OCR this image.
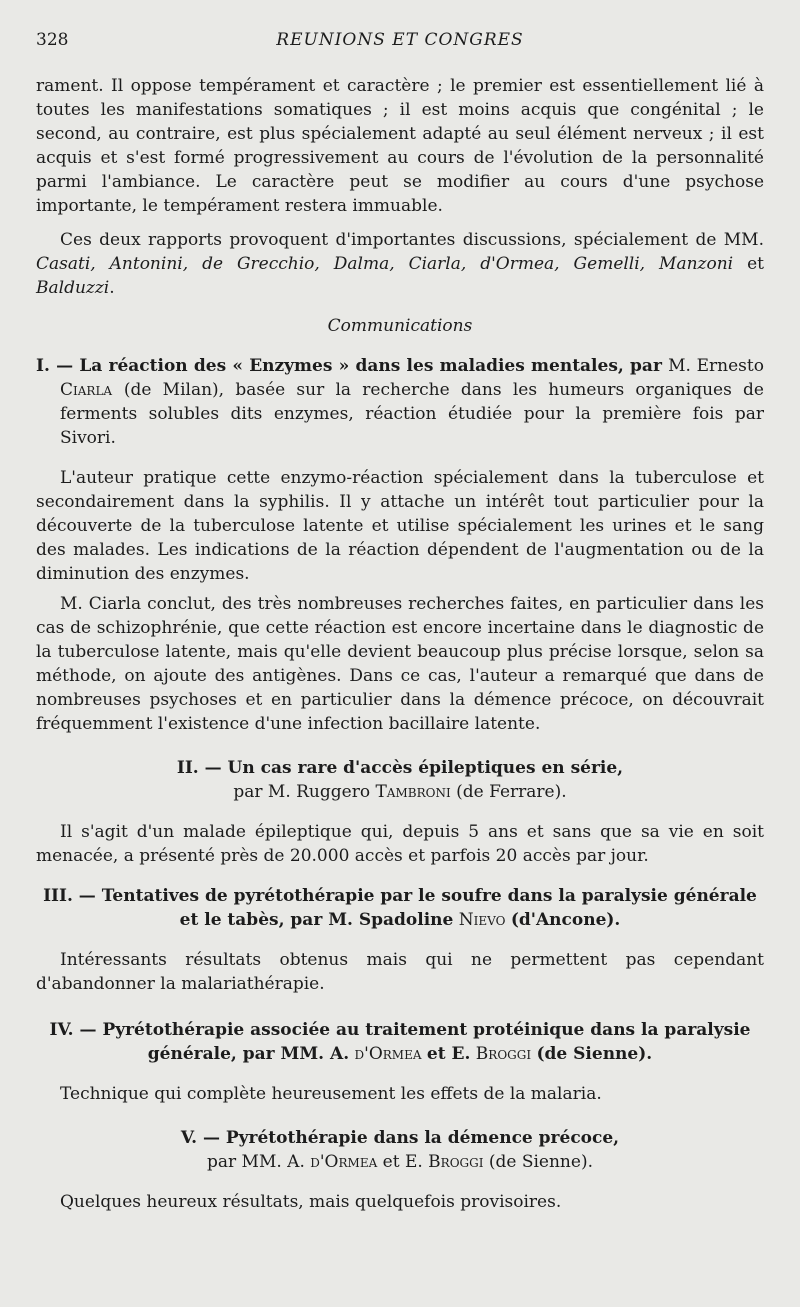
328	REUNIONS ET CONGRES

rament. Il oppose tempérament et caractère ; le premier est essentiellement lié à toutes les manifestations somatiques ; il est moins acquis que congénital ; le second, au contraire, est plus spécialement adapté au seul élément nerveux ; il est acquis et s'est formé progressivement au cours de l'évolution de la personnalité parmi l'ambiance. Le caractère peut se modifier au cours d'une psychose importante, le tempérament restera immuable.

Ces deux rapports provoquent d'importantes discussions, spécialement de MM. Casati, Antonini, de Grecchio, Dalma, Ciarla, d'Ormea, Gemelli, Manzoni et Balduzzi.

Communications

I. — La réaction des « Enzymes » dans les maladies mentales, par M. Ernesto Ciarla (de Milan), basée sur la recherche dans les humeurs organiques de ferments solubles dits enzymes, réaction étudiée pour la première fois par Sivori.

L'auteur pratique cette enzymo-réaction spécialement dans la tuberculose et secondairement dans la syphilis. Il y attache un intérêt tout particulier pour la découverte de la tuberculose latente et utilise spécialement les urines et le sang des malades. Les indications de la réaction dépendent de l'augmentation ou de la diminution des enzymes.

M. Ciarla conclut, des très nombreuses recherches faites, en particulier dans les cas de schizophrénie, que cette réaction est encore incertaine dans le diagnostic de la tuberculose latente, mais qu'elle devient beaucoup plus précise lorsque, selon sa méthode, on ajoute des antigènes. Dans ce cas, l'auteur a remarqué que dans de nombreuses psychoses et en particulier dans la démence précoce, on découvrait fréquemment l'existence d'une infection bacillaire latente.

II. — Un cas rare d'accès épileptiques en série,
par M. Ruggero Tambroni (de Ferrare).

Il s'agit d'un malade épileptique qui, depuis 5 ans et sans que sa vie en soit menacée, a présenté près de 20.000 accès et parfois 20 accès par jour.

III. — Tentatives de pyrétothérapie par le soufre dans la paralysie générale et le tabès, par M. Spadoline Nievo (d'Ancone).

Intéressants résultats obtenus mais qui ne permettent pas cependant d'abandonner la malariathérapie.

IV. — Pyrétothérapie associée au traitement protéinique dans la paralysie générale, par MM. A. d'Ormea et E. Broggi (de Sienne).

Technique qui complète heureusement les effets de la malaria.

V. — Pyrétothérapie dans la démence précoce,
par MM. A. d'Ormea et E. Broggi (de Sienne).

Quelques heureux résultats, mais quelquefois provisoires.
